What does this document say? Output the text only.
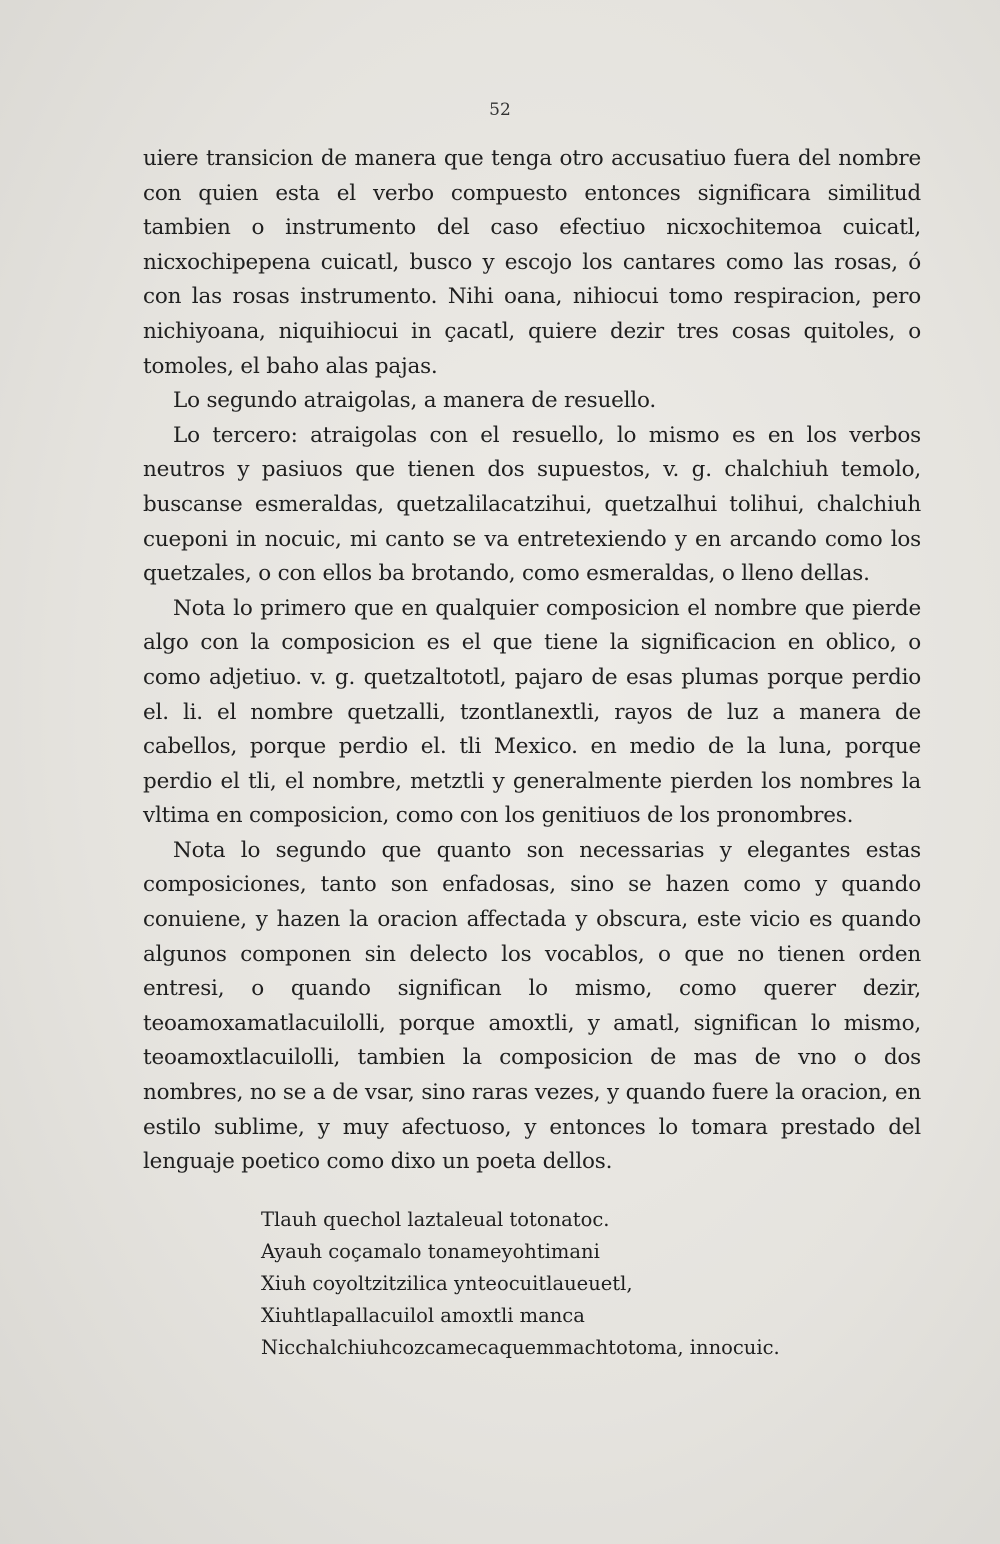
52

uiere transicion de manera que tenga otro accusatiuo fuera del nombre con quien esta el verbo compuesto entonces significara similitud tambien o instrumento del caso efectiuo nicxochitemoa cuicatl, nicxochipepena cuicatl, busco y escojo los cantares como las rosas, ó con las rosas instrumento. Nihi oana, nihiocui tomo respiracion, pero nichiyoana, niquihiocui in çacatl, quiere dezir tres cosas quitoles, o tomoles, el baho alas pajas.

Lo segundo atraigolas, a manera de resuello.

Lo tercero: atraigolas con el resuello, lo mismo es en los verbos neutros y pasiuos que tienen dos supuestos, v. g. chalchiuh temolo, buscanse esmeraldas, quetzalilacatzihui, quetzalhui tolihui, chalchiuh cueponi in nocuic, mi canto se va entretexiendo y en arcando como los quetzales, o con ellos ba brotando, como esmeraldas, o lleno dellas.

Nota lo primero que en qualquier composicion el nombre que pierde algo con la composicion es el que tiene la significacion en oblico, o como adjetiuo. v. g. quetzaltototl, pajaro de esas plumas porque perdio el. li. el nombre quetzalli, tzontlanextli, rayos de luz a manera de cabellos, porque perdio el. tli Mexico. en medio de la luna, porque perdio el tli, el nombre, metztli y generalmente pierden los nombres la vltima en composicion, como con los genitiuos de los pronombres.

Nota lo segundo que quanto son necessarias y elegantes estas composiciones, tanto son enfadosas, sino se hazen como y quando conuiene, y hazen la oracion affectada y obscura, este vicio es quando algunos componen sin delecto los vocablos, o que no tienen orden entresi, o quando significan lo mismo, como querer dezir, teoamoxamatlacuilolli, porque amoxtli, y amatl, significan lo mismo, teoamoxtlacuilolli, tambien la composicion de mas de vno o dos nombres, no se a de vsar, sino raras vezes, y quando fuere la oracion, en estilo sublime, y muy afectuoso, y entonces lo tomara prestado del lenguaje poetico como dixo un poeta dellos.

Tlauh quechol laztaleual totonatoc.
Ayauh coçamalo tonameyohtimani
Xiuh coyoltzitzilica ynteocuitlaueuetl,
Xiuhtlapallacuilol amoxtli manca
Nicchalchiuhcozcamecaquemmachtotoma, innocuic.
